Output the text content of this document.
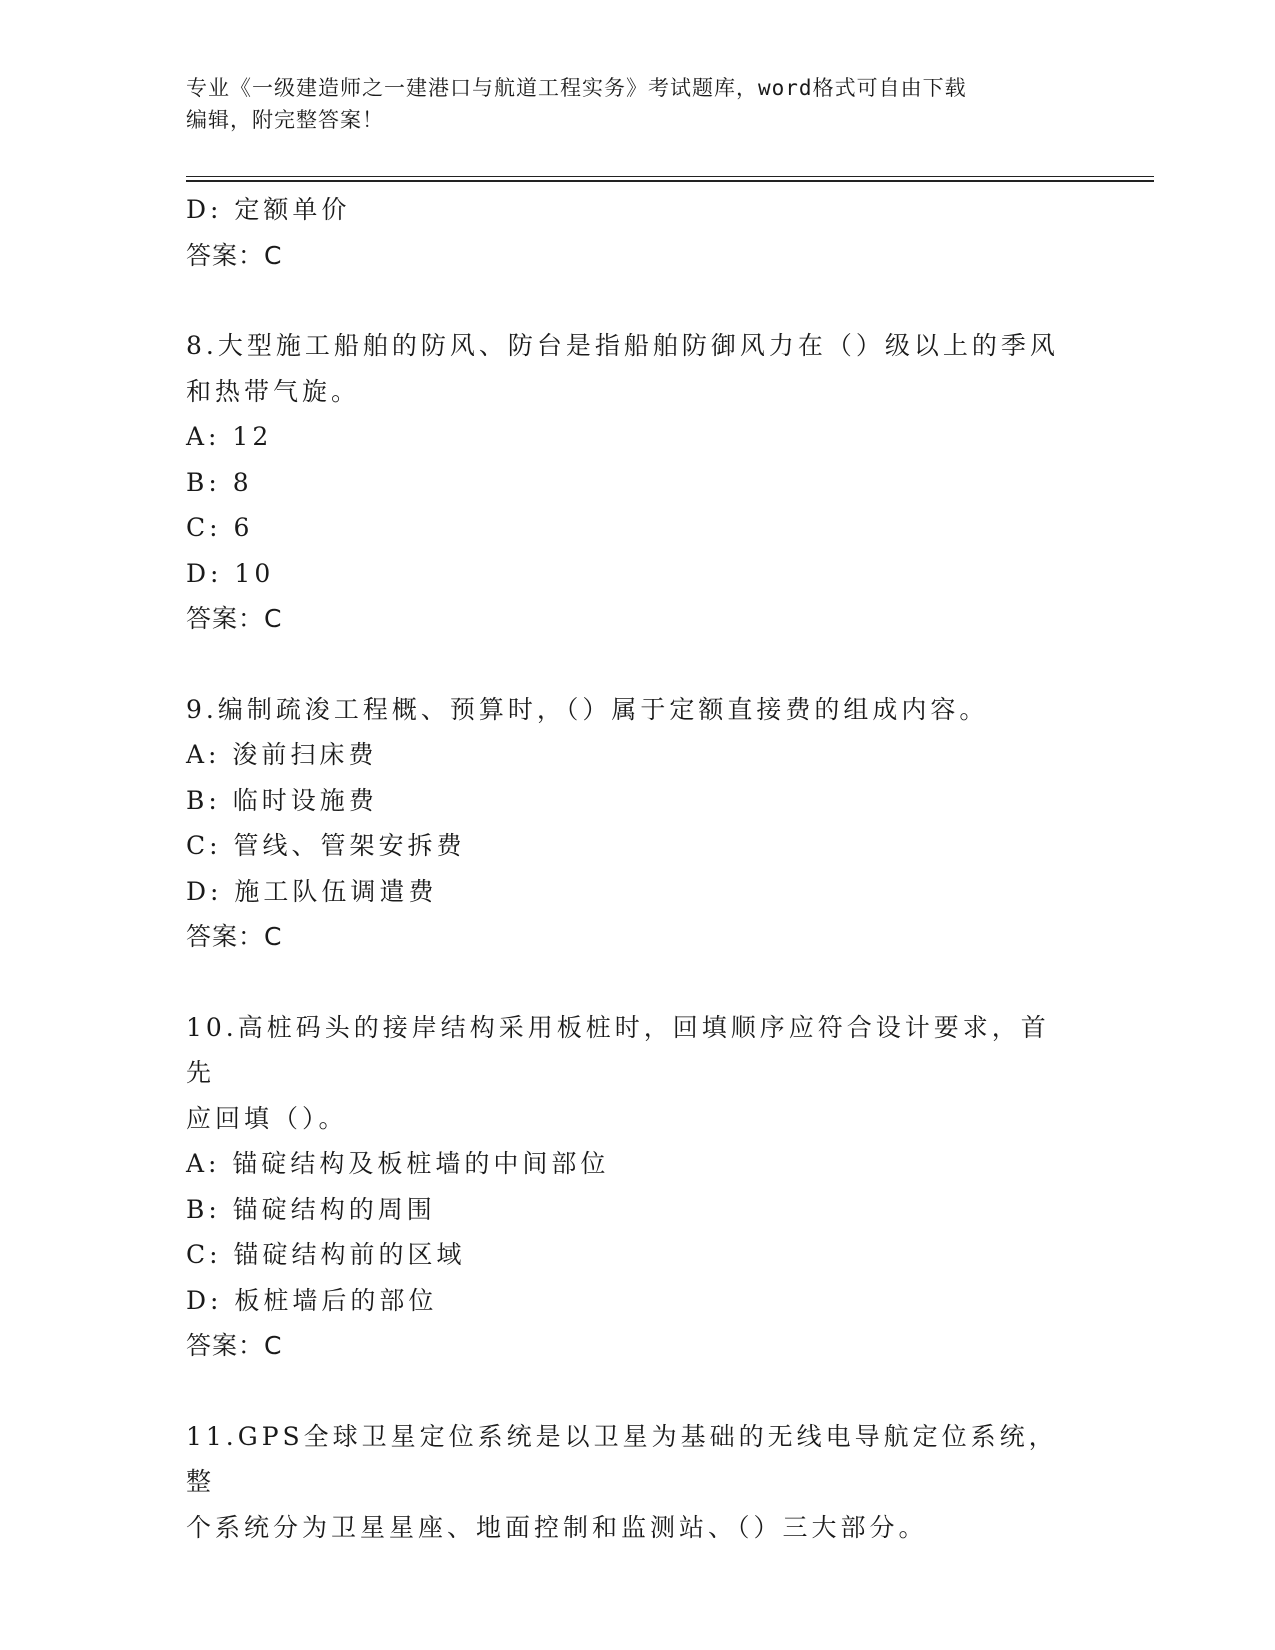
专业《一级建造师之一建港口与航道工程实务》考试题库，word格式可自由下载
编辑，附完整答案！
D: 定额单价
答案：C
8.大型施工船舶的防风、防台是指船舶防御风力在（）级以上的季风
和热带气旋。
A: 12
B: 8
C: 6
D: 10
答案：C
9.编制疏浚工程概、预算时，（）属于定额直接费的组成内容。
A: 浚前扫床费
B: 临时设施费
C: 管线、管架安拆费
D: 施工队伍调遣费
答案：C
10.高桩码头的接岸结构采用板桩时，回填顺序应符合设计要求，首先
应回填（）。
A: 锚碇结构及板桩墙的中间部位
B: 锚碇结构的周围
C: 锚碇结构前的区域
D: 板桩墙后的部位
答案：C
11.GPS全球卫星定位系统是以卫星为基础的无线电导航定位系统，整
个系统分为卫星星座、地面控制和监测站、（）三大部分。
